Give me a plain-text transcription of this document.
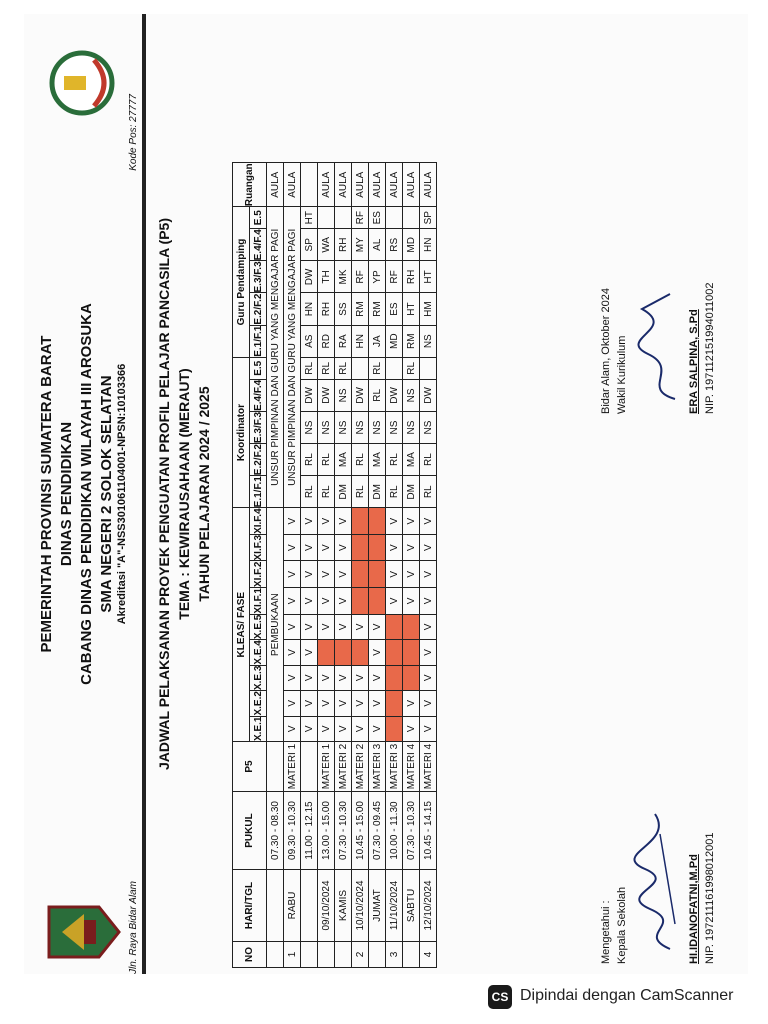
PEMERINTAH PROVINSI SUMATERA BARAT DINAS PENDIDIKAN CABANG DINAS PENDIDIKAN WILAYAH III AROSUKA SMA NEGERI 2 SOLOK SELATAN Akreditasi "A"-NSS301061104001-NPSN:10103366
Jln. Raya Bidar Alam
Kode Pos: 27777
JADWAL PELAKSANAN PROYEK PENGUATAN PROFIL PELAJAR PANCASILA (P5) TEMA : KEWIRAUSAHAAN (MERAUT) TAHUN PELAJARAN 2024 / 2025
NO	HARI/TGL	PUKUL	P5	KLEAS/ FASE									Koordinator					Guru Pendamping					Ruangan
				X.E.1	X.E.2	X.E.3	X.E.4	X.E.5	XI.F.1	XI.F.2	XI.F.3	XI.F.4	E.1/F.1	E.2/F.2	E.3/F.3	E.4/F.4	E.5	E.1/F.1	E.2/F.2	E.3/F.3	E.4/F.4	E.5	
		07.30 - 08.30		PEMBUKAAN									UNSUR PIMPINAN DAN GURU YANG MENGAJAR PAGI										AULA
1	RABU	09.30 - 10.30	MATERI 1	V	V	V	V	V	V	V	V	V	UNSUR PIMPINAN DAN GURU YANG MENGAJAR PAGI										AULA
		11.00 - 12.15		V	V	V	V	V	V	V	V	V	RL	RL	NS	DW	RL	AS	HN	DW	SP	HT	
	09/10/2024	13.00 - 15.00	MATERI 1	V	V	V		V	V	V	V	V	RL	RL	NS	DW	RL	RD	RH	TH	WA		AULA
	KAMIS	07.30 - 10.30	MATERI 2	V	V	V		V	V	V	V	V	DM	MA	NS	NS	RL	RA	SS	MK	RH		AULA
2	10/10/2024	10.45 - 15.00	MATERI 2	V	V	V		V					RL	RL	NS	DW		HN	RM	RF	MY	RF	AULA
	JUMAT	07.30 - 09.45	MATERI 3	V	V	V	V	V					DM	MA	NS	RL	RL	JA	RM	YP	AL	ES	AULA
3	11/10/2024	10.00 - 11.30	MATERI 3						V	V	V	V	RL	RL	NS	DW		MD	ES	RF	RS		AULA
	SABTU	07.30 - 10.30	MATERI 4	V	V				V	V	V	V	DM	MA	NS	NS	RL	RM	HT	RH	MD		AULA
4	12/10/2024	10.45 - 14.15	MATERI 4	V	V	V	V	V	V	V	V	V	RL	RL	NS	DW		NS	HM	HT	HN	SP	AULA
Mengetahui : Kepala Sekolah	HI.IDANOFATNI,M.Pd NIP. 197211161998012001
Bidar Alam, Oktober 2024 Wakil Kurikulum	ERA SALPINA, S.Pd NIP. 197112151994011002
CS Dipindai dengan CamScanner
